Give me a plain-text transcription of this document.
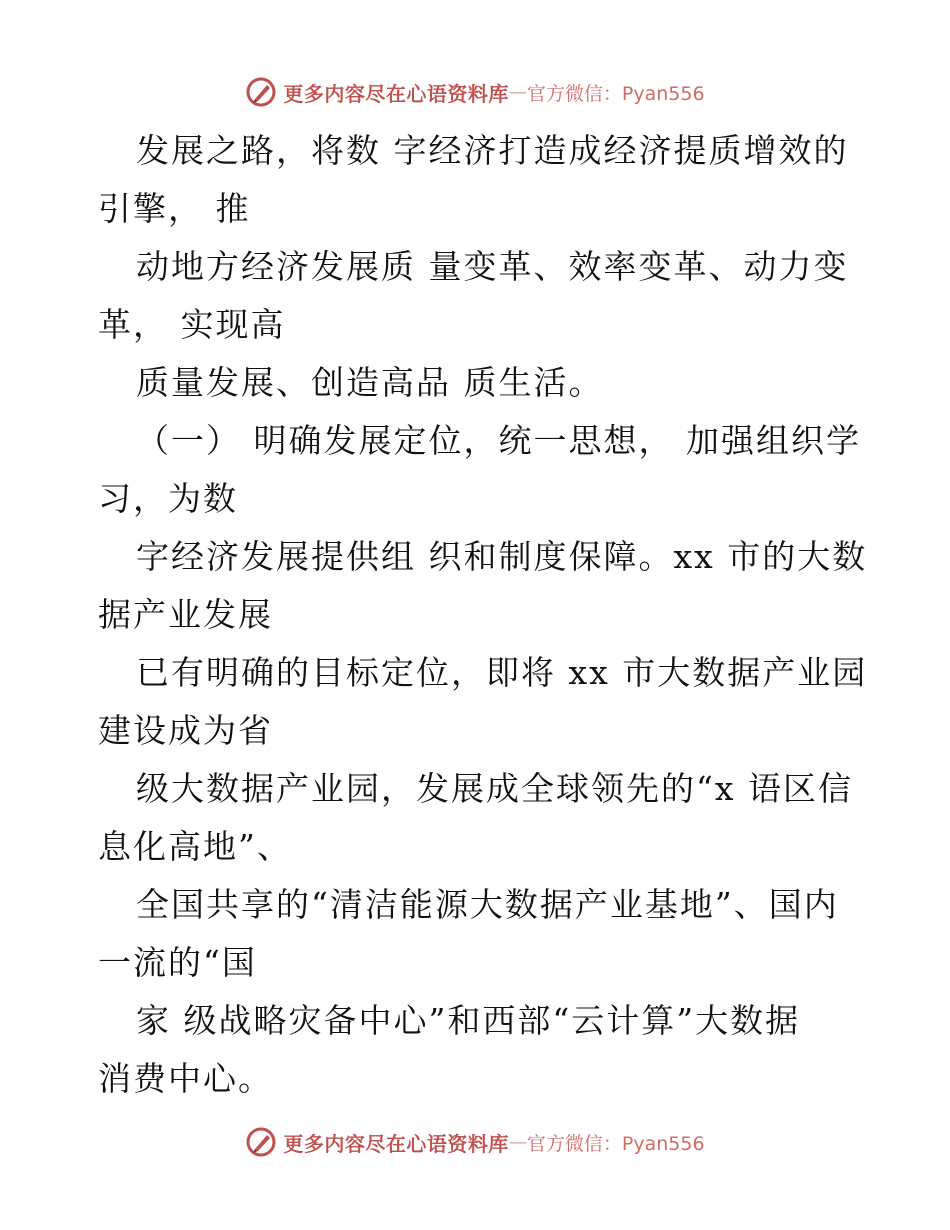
更多内容尽在心语资料库 — 官方微信：Pyan556

发展之路，将数 字经济打造成经济提质增效的

引擎， 推

动地方经济发展质 量变革、效率变革、动力变

革， 实现高

质量发展、创造高品 质生活。

（一） 明确发展定位，统一思想， 加强组织学

习，为数

字经济发展提供组 织和制度保障。xx 市的大数

据产业发展

已有明确的目标定位，即将 xx 市大数据产业园

建设成为省

级大数据产业园，发展成全球领先的“x 语区信

息化高地”、

全国共享的“清洁能源大数据产业基地”、国内

一流的“国

家 级战略灾备中心”和西部“云计算”大数据

消费中心。

更多内容尽在心语资料库 — 官方微信：Pyan556
